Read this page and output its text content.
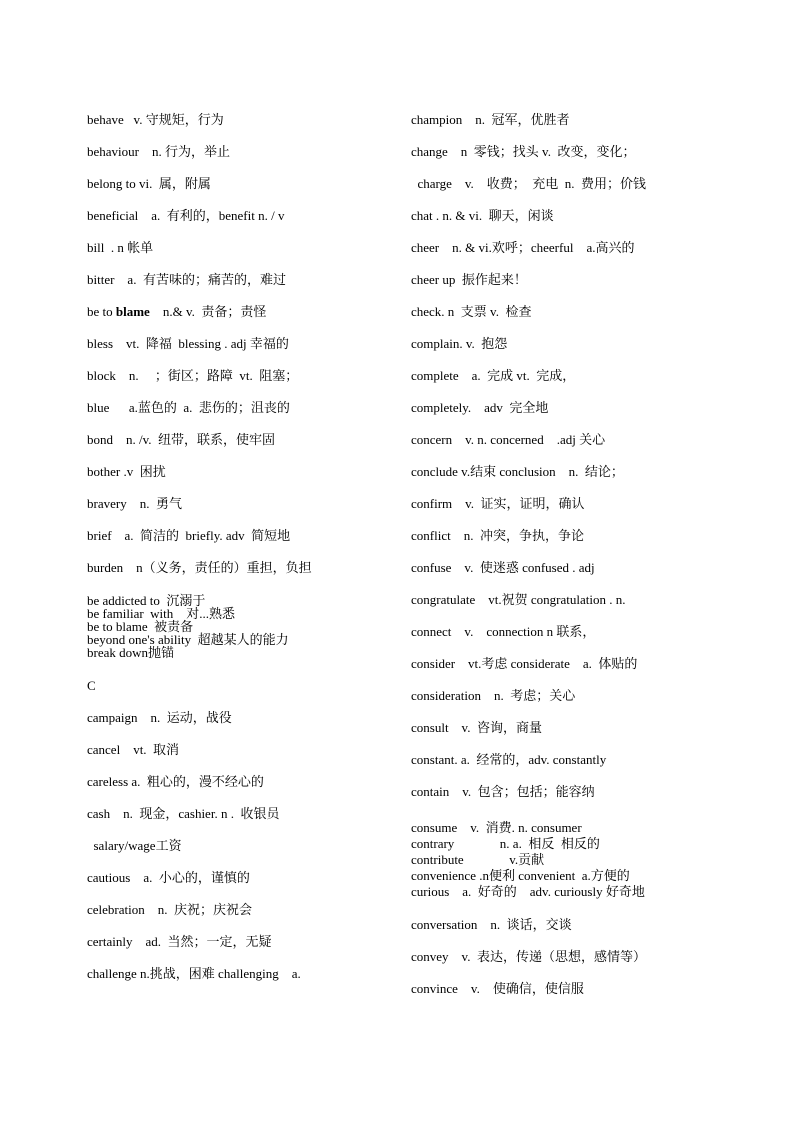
behave   v. 守规矩，行为
behaviour    n. 行为，举止
belong to vi.  属，附属
beneficial    a.  有利的，benefit n. / v
bill  . n 帐单
bitter    a.  有苦味的；痛苦的，难过
be to blame    n.& v.  责备；责怪
bless    vt.  降福  blessing . adj 幸福的
block    n.     ；街区；路障  vt.  阻塞；
blue      a.蓝色的  a.  悲伤的；沮丧的
bond    n. /v.  纽带，联系，使牢固
bother .v  困扰
bravery    n.  勇气
brief    a.  简洁的  briefly. adv  简短地
burden    n（义务，责任的）重担，负担
be addicted to  沉溺于
be familiar  with    对...熟悉
be to blame  被责备
beyond one's ability  超越某人的能力
break down抛锚
C
campaign    n.  运动，战役
cancel    vt.  取消
careless a.  粗心的，漫不经心的
cash    n.  现金，cashier. n .  收银员
salary/wage工资
cautious    a.  小心的，谨慎的
celebration    n.  庆祝；庆祝会
certainly    ad.  当然；一定，无疑
challenge n.挑战，困难 challenging    a.
champion    n.  冠军，优胜者
change    n  零钱；找头 v.  改变，变化；
charge    v.    收费；  充电  n.  费用；价钱
chat . n. & vi.  聊天，闲谈
cheer    n. & vi.欢呼；cheerful    a.高兴的
cheer up  振作起来！
check. n  支票 v.  检查
complain. v.  抱怨
complete    a.  完成 vt.  完成，
completely.    adv  完全地
concern    v. n. concerned    .adj 关心
conclude v.结束 conclusion    n.  结论；
confirm    v.  证实，证明，确认
conflict    n.  冲突，争执，争论
confuse    v.  使迷惑 confused . adj
congratulate    vt.祝贺 congratulation . n.
connect    v.    connection n 联系，
consider    vt.考虑 considerate    a.  体贴的
consideration    n.  考虑；关心
consult    v.  咨询，商量
constant. a.  经常的，adv. constantly
contain    v.  包含；包括；能容纳
consume    v.  消费. n. consumer
contrary              n. a.  相反  相反的
contribute              v.贡献
convenience .n便利 convenient  a.方便的
curious    a.  好奇的    adv. curiously 好奇地
conversation    n.  谈话，交谈
convey    v.  表达，传递（思想，感情等）
convince    v.    使确信，使信服
